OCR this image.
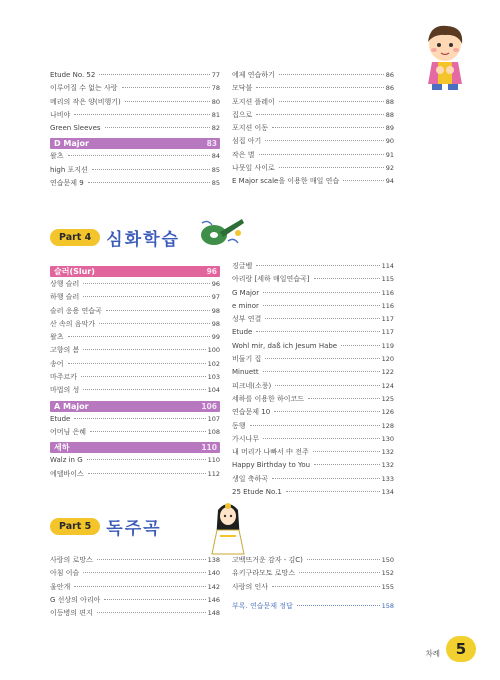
Etude No. 52	77
이루어질 수 없는 사랑	78
메리의 작은 양(비행기)	80
나비야	81
Green Sleeves	82
D Major	83
왈츠	84
high 포지션	85
연습문제 9	85
에제 연습하기	86
모닥불	86
포지션 플레이	88
집으로	88
포지션 이동	89
섬집 아기	90
작은 별	91
나뭇잎 사이로	92
E Major scale을 이용한 매일 연습	94
Part 4 심화학습
슬러(Slur)	96
상행 슬러	96
하행 슬러	97
슬러 응용 연습곡	98
산 속의 음악가	98
왈츠	99
고향의 봄	100
송어	102
마주르카	103
마법의 성	104
A Major	106
Etude	107
어머님 은혜	108
세하	110
Walz in G	110
에델바이스	112
징글벨	114
아리랑 [세하 매일연습곡]	115
G Major	116
e minor	116
성부 연결	117
Etude	117
Wohl mir, daß ich Jesum Habe	119
비둘기 집	120
Minuett	122
피크네(소풍)	124
세하를 이용한 하이코드	125
연습문제 10	126
동행	128
가시나무	130
내 머리가 나빠서 中 전주	132
Happy Birthday to You	132
생일 축하곡	133
25 Etude No.1	134
Part 5 독주곡
사랑의 로망스	138
아침 이슬	140
울안개	142
G 선상의 아리아	146
이등병의 편지	148
고백뜨거운 감자 - 김C)	150
유키구라모토 로망스	152
사랑의 인사	155
부록. 연습문제 정답	158
차례	5
